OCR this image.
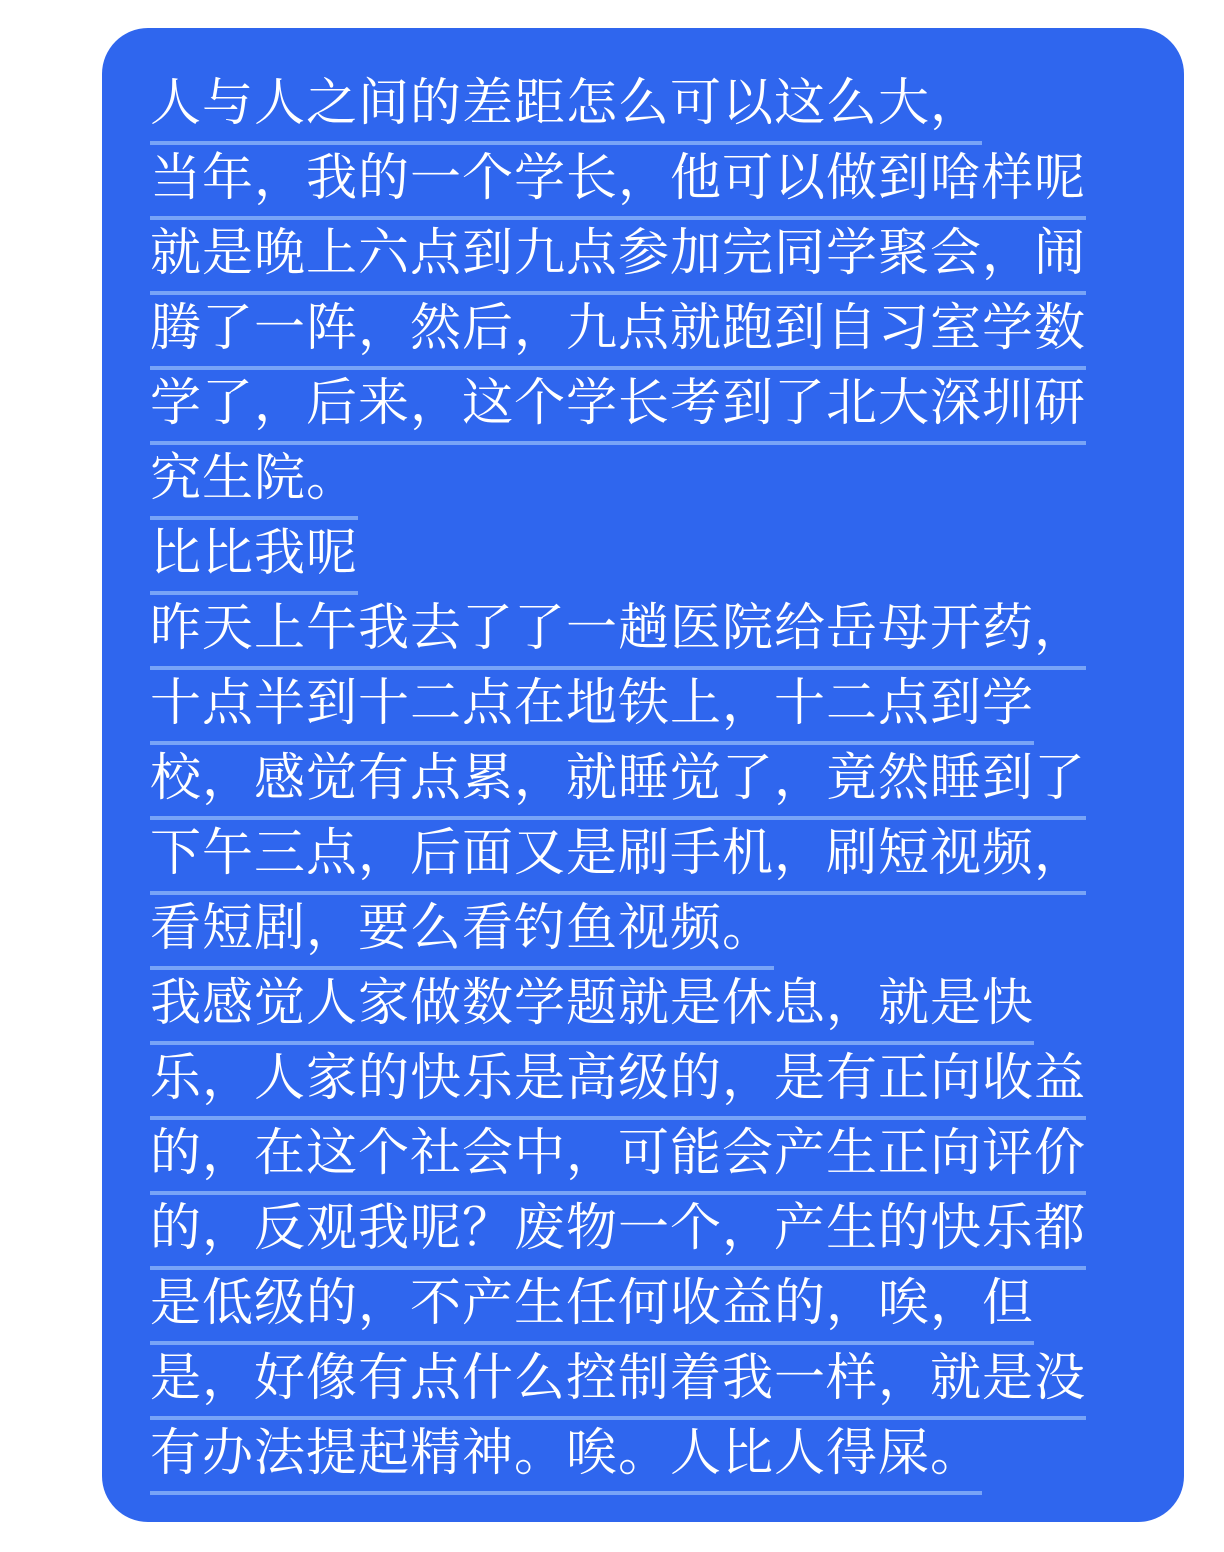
人与人之间的差距怎么可以这么大，
当年，我的一个学长，他可以做到啥样呢
就是晚上六点到九点参加完同学聚会，闹
腾了一阵，然后，九点就跑到自习室学数
学了，后来，这个学长考到了北大深圳研
究生院。
比比我呢
昨天上午我去了了一趟医院给岳母开药，
十点半到十二点在地铁上，十二点到学
校，感觉有点累，就睡觉了，竟然睡到了
下午三点，后面又是刷手机，刷短视频，
看短剧，要么看钓鱼视频。
我感觉人家做数学题就是休息，就是快
乐，人家的快乐是高级的，是有正向收益
的，在这个社会中，可能会产生正向评价
的，反观我呢？废物一个，产生的快乐都
是低级的，不产生任何收益的，唉，但
是，好像有点什么控制着我一样，就是没
有办法提起精神。唉。人比人得屎。
